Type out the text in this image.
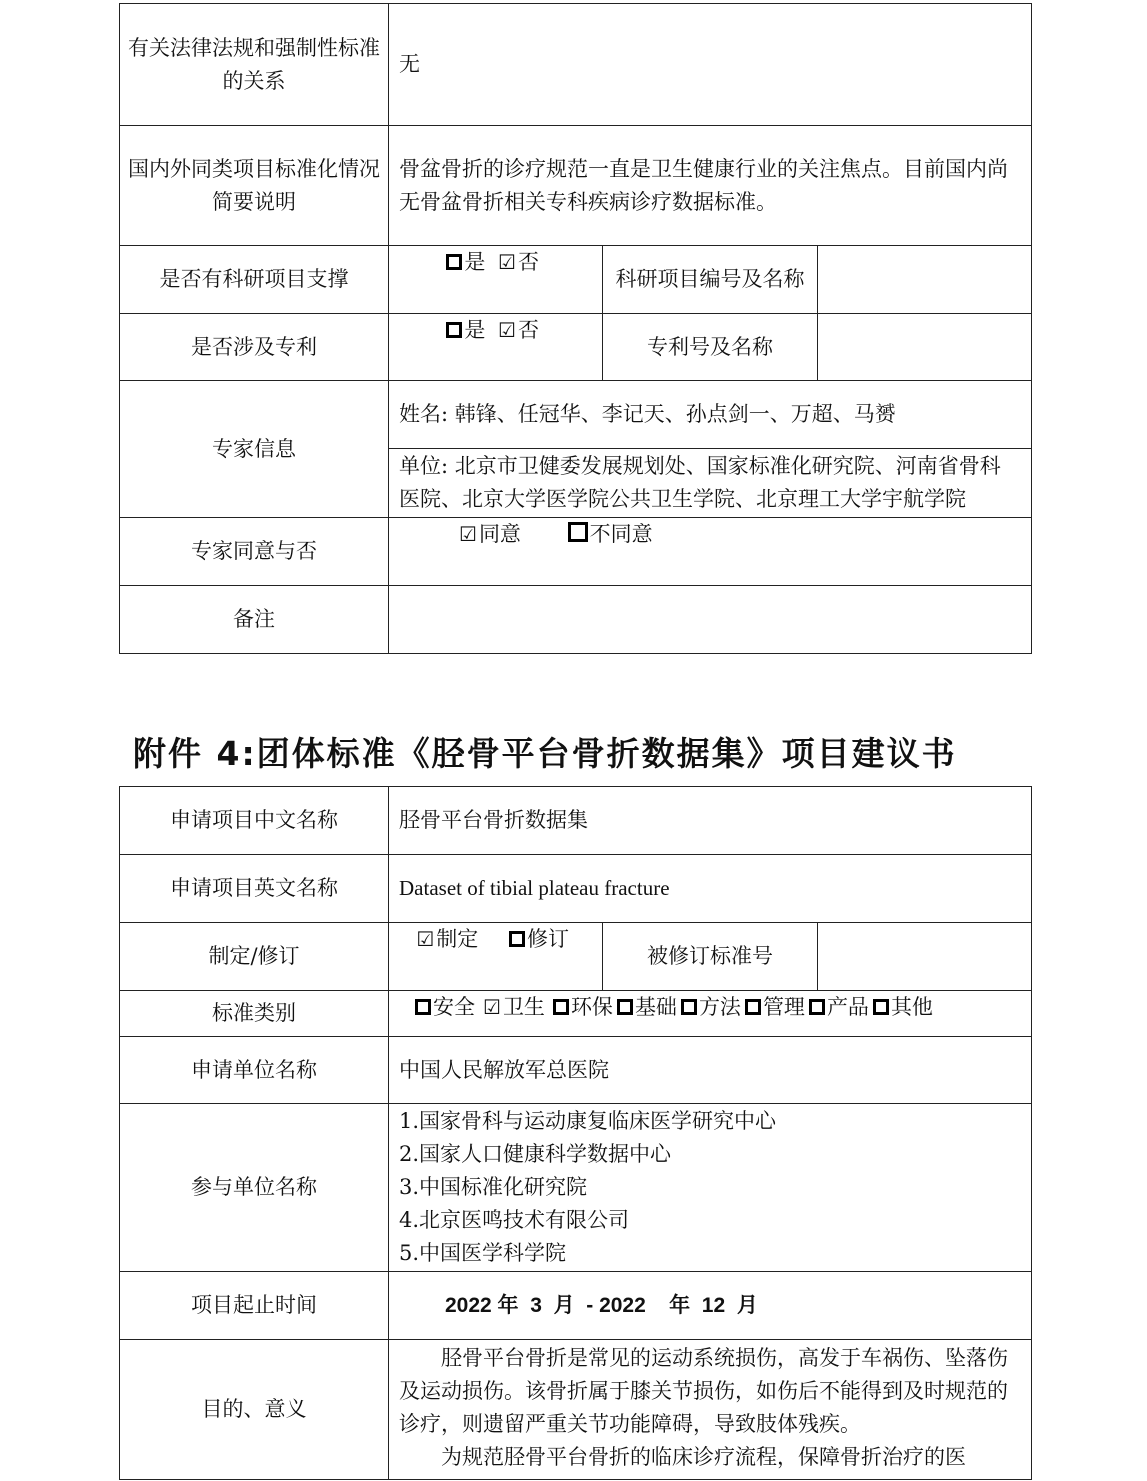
有关法律法规和强制性标准的关系	无		
国内外同类项目标准化情况简要说明	骨盆骨折的诊疗规范一直是卫生健康行业的关注焦点。目前国内尚无骨盆骨折相关专科疾病诊疗数据标准。		
是否有科研项目支撑	是 ☑否	科研项目编号及名称	
是否涉及专利	是 ☑否	专利号及名称	
专家信息	姓名: 韩锋、任冠华、李记天、孙点剑一、万超、马赟
单位: 北京市卫健委发展规划处、国家标准化研究院、河南省骨科医院、北京大学医学院公共卫生学院、北京理工大学宇航学院		

专家同意与否	☑同意 不同意		
备注			
附件 4:团体标准《胫骨平台骨折数据集》项目建议书
申请项目中文名称	胫骨平台骨折数据集		
申请项目英文名称	Dataset of tibial plateau fracture		
制定/修订	☑制定 修订	被修订标准号	
标准类别	安全 ☑卫生 环保 基础 方法 管理 产品 其他		
申请单位名称	中国人民解放军总医院		
参与单位名称	1.国家骨科与运动康复临床医学研究中心
2.国家人口健康科学数据中心
3.中国标准化研究院
4.北京医鸣技术有限公司
5.中国医学科学院		

项目起止时间	2022 年  3  月  - 2022    年  12  月		
目的、意义	胫骨平台骨折是常见的运动系统损伤，高发于车祸伤、坠落伤及运动损伤。该骨折属于膝关节损伤，如伤后不能得到及时规范的诊疗，则遗留严重关节功能障碍，导致肢体残疾。
为规范胫骨平台骨折的临床诊疗流程，保障骨折治疗的医		
